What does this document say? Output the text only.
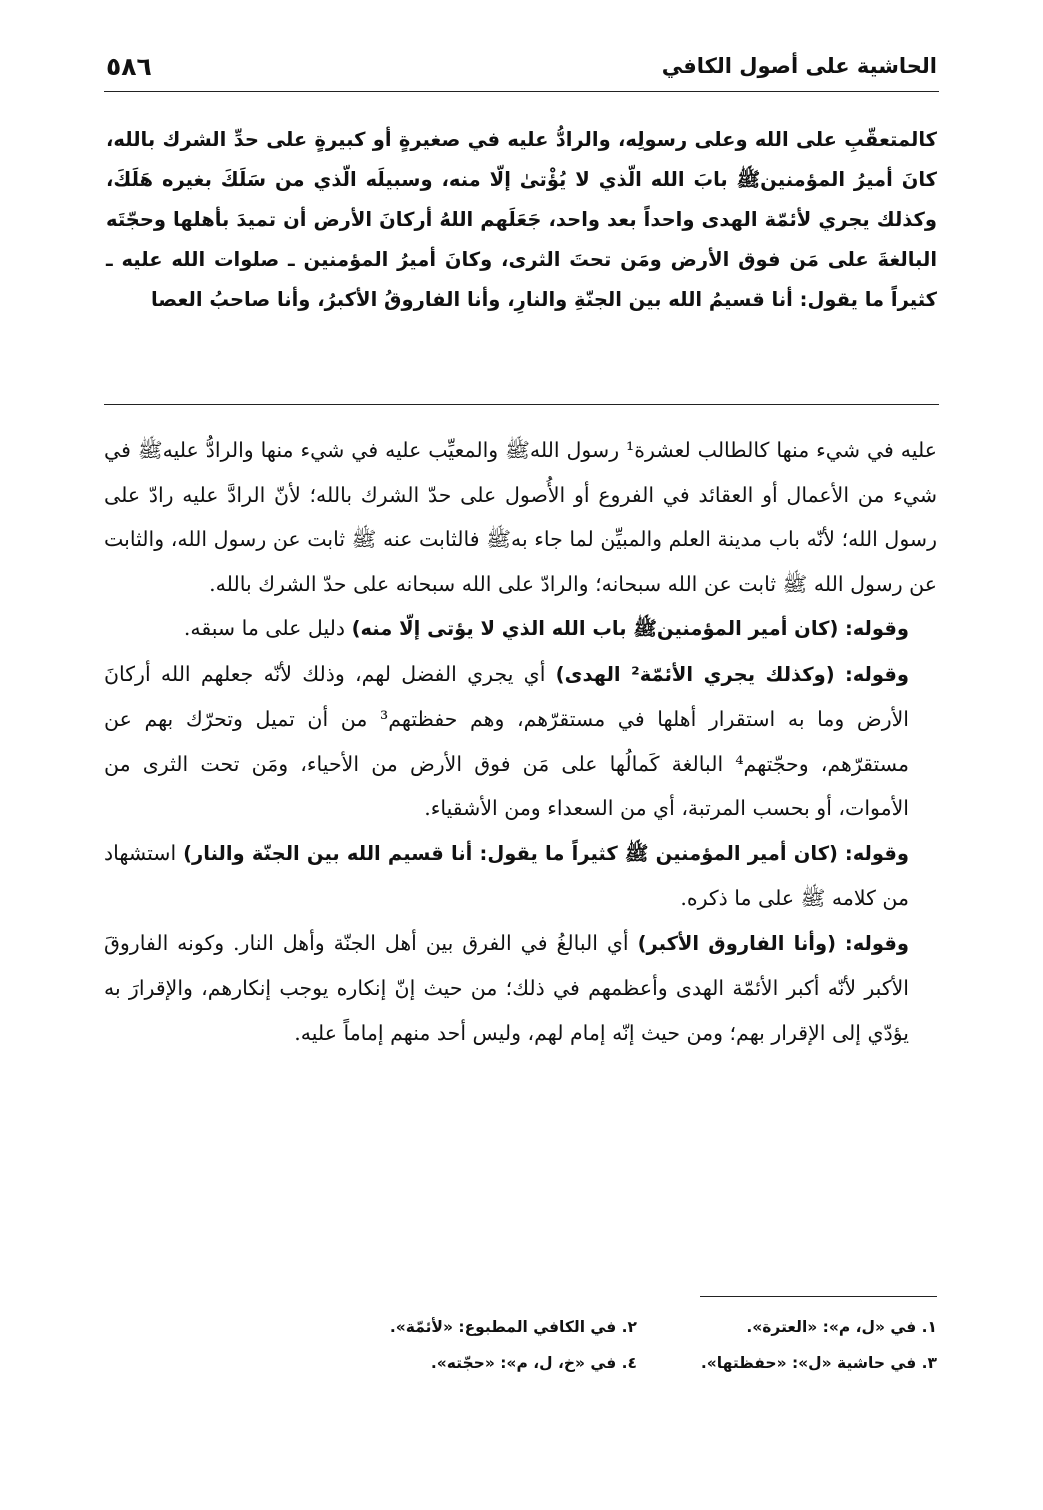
الحاشية على أصول الكافي
٥٨٦

كالمتعقّبِ على الله وعلى رسولِه، والرادُّ عليه في صغيرةٍ أو كبيرةٍ على حدِّ الشرك بالله، كانَ أميرُ المؤمنينﷺ بابَ الله الّذي لا يُؤْتىٰ إلّا منه، وسبيلَه الّذي من سَلَكَ بغيره هَلَكَ، وكذلك يجري لأئمّة الهدى واحداً بعد واحد، جَعَلَهم اللهُ أركانَ الأرض أن تميدَ بأهلها وحجّتَه البالغةَ على مَن فوق الأرض ومَن تحتَ الثرى، وكانَ أميرُ المؤمنين ـ صلوات الله عليه ـ كثيراً ما يقول: أنا قسيمُ الله بين الجنّةِ والنارِ، وأنا الفاروقُ الأكبرُ، وأنا صاحبُ العصا

عليه في شيء منها كالطالب لعشرة¹ رسول اللهﷺ والمعيِّب عليه في شيء منها والرادُّ عليهﷺ في شيء من الأعمال أو العقائد في الفروع أو الأُصول على حدّ الشرك بالله؛ لأنّ الرادَّ عليه رادّ على رسول الله؛ لأنّه باب مدينة العلم والمبيِّن لما جاء بهﷺ فالثابت عنه ﷺ ثابت عن رسول الله، والثابت عن رسول الله ﷺ ثابت عن الله سبحانه؛ والرادّ على الله سبحانه على حدّ الشرك بالله.

وقوله: (كان أمير المؤمنينﷺ باب الله الذي لا يؤتى إلّا منه) دليل على ما سبقه.

وقوله: (وكذلك يجري الأئمّة² الهدى) أي يجري الفضل لهم، وذلك لأنّه جعلهم الله أركانَ الأرض وما به استقرار أهلها في مستقرّهم، وهم حفظتهم³ من أن تميل وتحرّك بهم عن مستقرّهم، وحجّتهم⁴ البالغة كَمالُها على مَن فوق الأرض من الأحياء، ومَن تحت الثرى من الأموات، أو بحسب المرتبة، أي من السعداء ومن الأشقياء.

وقوله: (كان أمير المؤمنين ﷺ كثيراً ما يقول: أنا قسيم الله بين الجنّة والنار) استشهاد من كلامه ﷺ على ما ذكره.

وقوله: (وأنا الفاروق الأكبر) أي البالغُ في الفرق بين أهل الجنّة وأهل النار. وكونه الفاروقَ الأكبر لأنّه أكبر الأئمّة الهدى وأعظمهم في ذلك؛ من حيث إنّ إنكاره يوجب إنكارهم، والإقرارَ به يؤدّي إلى الإقرار بهم؛ ومن حيث إنّه إمام لهم، وليس أحد منهم إماماً عليه.

١. في «ل، م»: «العترة».
٢. في الكافي المطبوع: «لأئمّة».
٣. في حاشية «ل»: «حفظتها».
٤. في «خ، ل، م»: «حجّته».
